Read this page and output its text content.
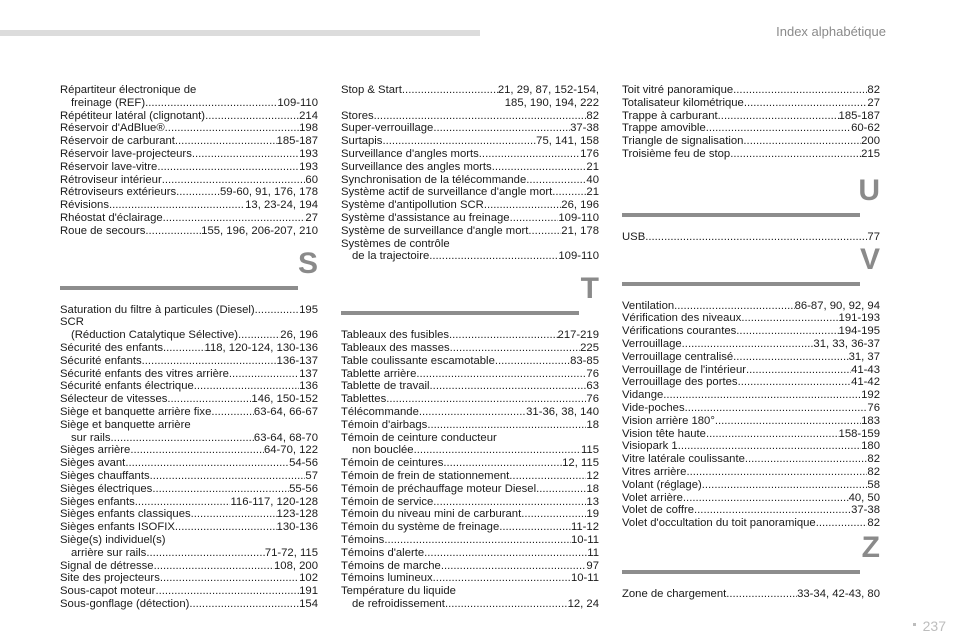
Index alphabétique
Répartiteur électronique de
freinage (REF) .....	109-110
Répétiteur latéral (clignotant) .....	214
Réservoir d'AdBlue® .....	198
Réservoir de carburant .....	185-187
Réservoir lave-projecteurs .....	193
Réservoir lave-vitre .....	193
Rétroviseur intérieur .....	60
Rétroviseurs extérieurs .....	59-60, 91, 176, 178
Révisions .....	13, 23-24, 194
Rhéostat d'éclairage .....	27
Roue de secours .....	155, 196, 206-207, 210
S
Saturation du filtre à particules (Diesel) .....	195
SCR
(Réduction Catalytique Sélective) .....	26, 196
Sécurité des enfants .....	118, 120-124, 130-136
Sécurité enfants .....	136-137
Sécurité enfants des vitres arrière .....	137
Sécurité enfants électrique .....	136
Sélecteur de vitesses .....	146, 150-152
Siège et banquette arrière fixe .....	63-64, 66-67
Siège et banquette arrière
sur rails .....	63-64, 68-70
Sièges arrière .....	64-70, 122
Sièges avant .....	54-56
Sièges chauffants .....	57
Sièges électriques .....	55-56
Sièges enfants .....	116-117, 120-128
Sièges enfants classiques .....	123-128
Sièges enfants ISOFIX .....	130-136
Siège(s) individuel(s)
arrière sur rails .....	71-72, 115
Signal de détresse .....	108, 200
Site des projecteurs .....	102
Sous-capot moteur .....	191
Sous-gonflage (détection) .....	154
Stop & Start .....	21, 29, 87, 152-154,
185, 190, 194, 222
Stores .....	82
Super-verrouillage .....	37-38
Surtapis .....	75, 141, 158
Surveillance d'angles morts .....	176
Surveillance des angles morts .....	21
Synchronisation de la télécommande .....	40
Système actif de surveillance d'angle mort .....	21
Système d'antipollution SCR .....	26, 196
Système d'assistance au freinage .....	109-110
Système de surveillance d'angle mort .....	21, 178
Systèmes de contrôle
de la trajectoire .....	109-110
T
Tableaux des fusibles .....	217-219
Tableaux des masses .....	225
Table coulissante escamotable .....	83-85
Tablette arrière .....	76
Tablette de travail .....	63
Tablettes .....	76
Télécommande .....	31-36, 38, 140
Témoin d'airbags .....	18
Témoin de ceinture conducteur
non bouclée .....	115
Témoin de ceintures .....	12, 115
Témoin de frein de stationnement .....	12
Témoin de préchauffage moteur Diesel .....	18
Témoin de service .....	13
Témoin du niveau mini de carburant .....	19
Témoin du système de freinage .....	11-12
Témoins .....	10-11
Témoins d'alerte .....	11
Témoins de marche .....	97
Témoins lumineux .....	10-11
Température du liquide
de refroidissement .....	12, 24
Toit vitré panoramique .....	82
Totalisateur kilométrique .....	27
Trappe à carburant .....	185-187
Trappe amovible .....	60-62
Triangle de signalisation .....	200
Troisième feu de stop .....	215
U
USB .....	77
V
Ventilation .....	86-87, 90, 92, 94
Vérification des niveaux .....	191-193
Vérifications courantes .....	194-195
Verrouillage .....	31, 33, 36-37
Verrouillage centralisé .....	31, 37
Verrouillage de l'intérieur .....	41-43
Verrouillage des portes .....	41-42
Vidange .....	192
Vide-poches .....	76
Vision arrière 180° .....	183
Vision tête haute .....	158-159
Visiopark 1 .....	180
Vitre latérale coulissante .....	82
Vitres arrière .....	82
Volant (réglage) .....	58
Volet arrière .....	40, 50
Volet de coffre .....	37-38
Volet d'occultation du toit panoramique .....	82
Z
Zone de chargement .....	33-34, 42-43, 80
237
